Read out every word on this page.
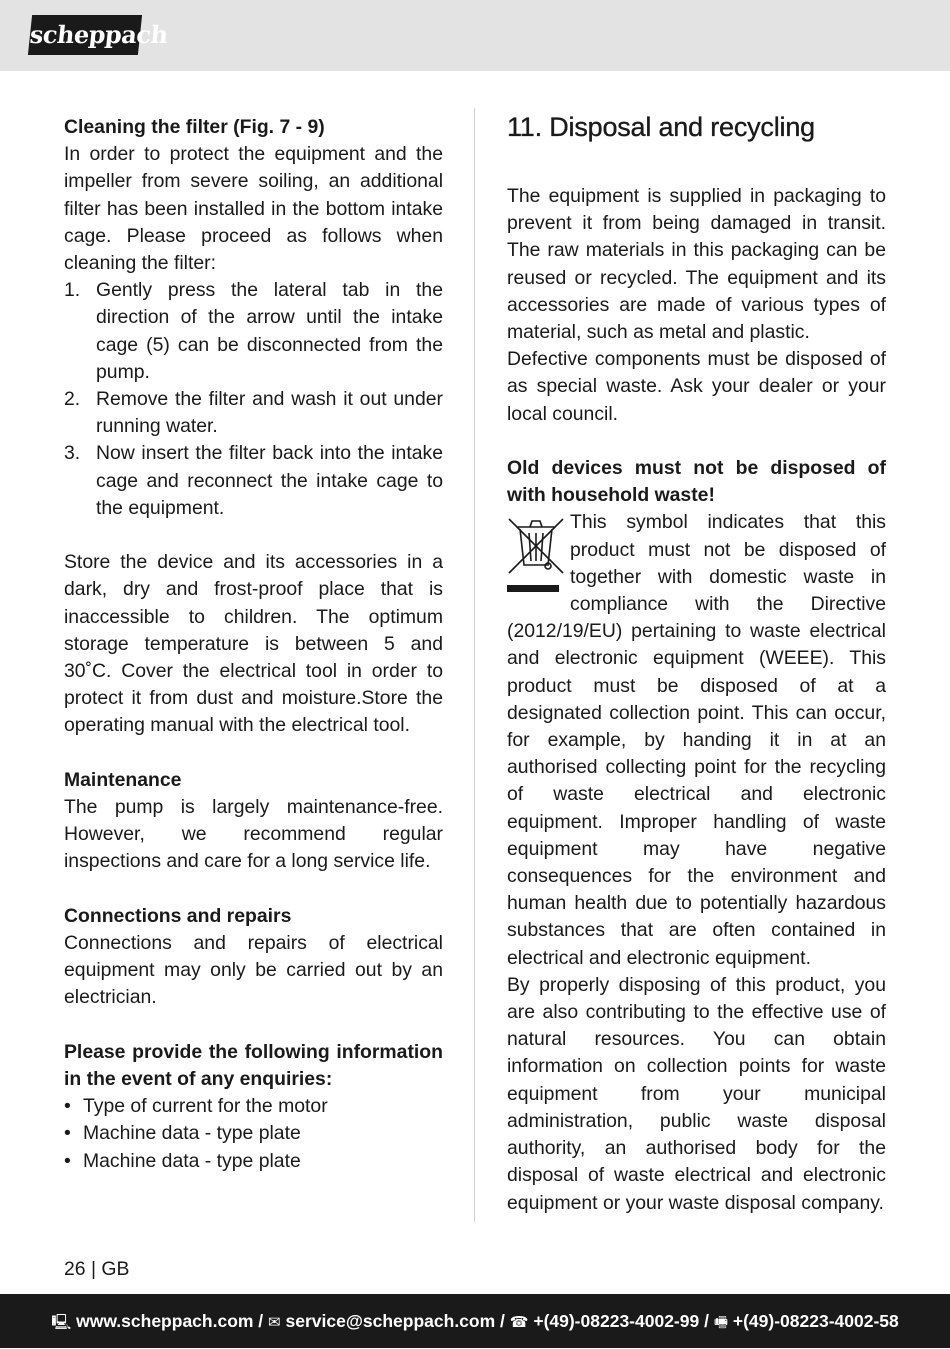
scheppach

Cleaning the filter (Fig. 7 - 9)

In order to protect the equipment and the impeller from severe soiling, an additional filter has been installed in the bottom intake cage. Please proceed as follows when cleaning the filter:

1. Gently press the lateral tab in the direction of the arrow until the intake cage (5) can be disconnected from the pump.
2. Remove the filter and wash it out under running water.
3. Now insert the filter back into the intake cage and reconnect the intake cage to the equipment.

Store the device and its accessories in a dark, dry and frost-proof place that is inaccessible to children. The optimum storage temperature is between 5 and 30˚C. Cover the electrical tool in order to protect it from dust and moisture.Store the operating manual with the electrical tool.

Maintenance

The pump is largely maintenance-free. However, we recommend regular inspections and care for a long service life.

Connections and repairs

Connections and repairs of electrical equipment may only be carried out by an electrician.

Please provide the following information in the event of any enquiries:

• Type of current for the motor
• Machine data - type plate
• Machine data - type plate
11. Disposal and recycling

The equipment is supplied in packaging to prevent it from being damaged in transit. The raw materials in this packaging can be reused or recycled. The equipment and its accessories are made of various types of material, such as metal and plastic.

Defective components must be disposed of as special waste. Ask your dealer or your local council.

Old devices must not be disposed of with household waste!

This symbol indicates that this product must not be disposed of together with domestic waste in compliance with the Directive (2012/19/EU) pertaining to waste electrical and electronic equipment (WEEE). This product must be disposed of at a designated collection point. This can occur, for example, by handing it in at an authorised collecting point for the recycling of waste electrical and electronic equipment. Improper handling of waste equipment may have negative consequences for the environment and human health due to potentially hazardous substances that are often contained in electrical and electronic equipment.

By properly disposing of this product, you are also contributing to the effective use of natural resources. You can obtain information on collection points for waste equipment from your municipal administration, public waste disposal authority, an authorised body for the disposal of waste electrical and electronic equipment or your waste disposal company.

26 | GB
🖳 www.scheppach.com / ✉ service@scheppach.com / ☎ +(49)-08223-4002-99 / 🖷 +(49)-08223-4002-58
